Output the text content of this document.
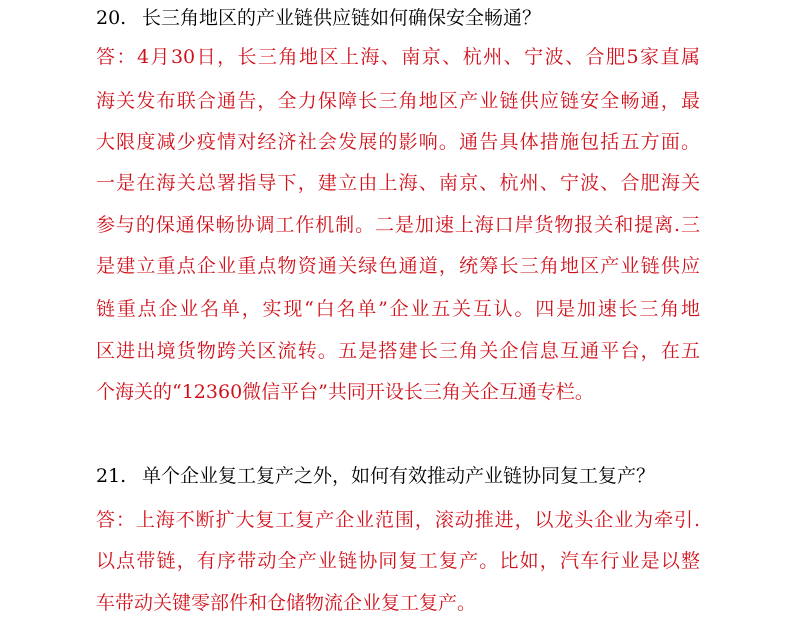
20. 长三角地区的产业链供应链如何确保安全畅通？
答：4月30日，长三角地区上海、南京、杭州、宁波、合肥5家直属
海关发布联合通告，全力保障长三角地区产业链供应链安全畅通，最
大限度减少疫情对经济社会发展的影响。通告具体措施包括五方面。
一是在海关总署指导下，建立由上海、南京、杭州、宁波、合肥海关
参与的保通保畅协调工作机制。二是加速上海口岸货物报关和提离.三
是建立重点企业重点物资通关绿色通道，统筹长三角地区产业链供应
链重点企业名单，实现“白名单”企业五关互认。四是加速长三角地
区进出境货物跨关区流转。五是搭建长三角关企信息互通平台，在五
个海关的“12360微信平台”共同开设长三角关企互通专栏。
21. 单个企业复工复产之外，如何有效推动产业链协同复工复产？
答：上海不断扩大复工复产企业范围，滚动推进，以龙头企业为牵引.
以点带链，有序带动全产业链协同复工复产。比如，汽车行业是以整
车带动关键零部件和仓储物流企业复工复产。
